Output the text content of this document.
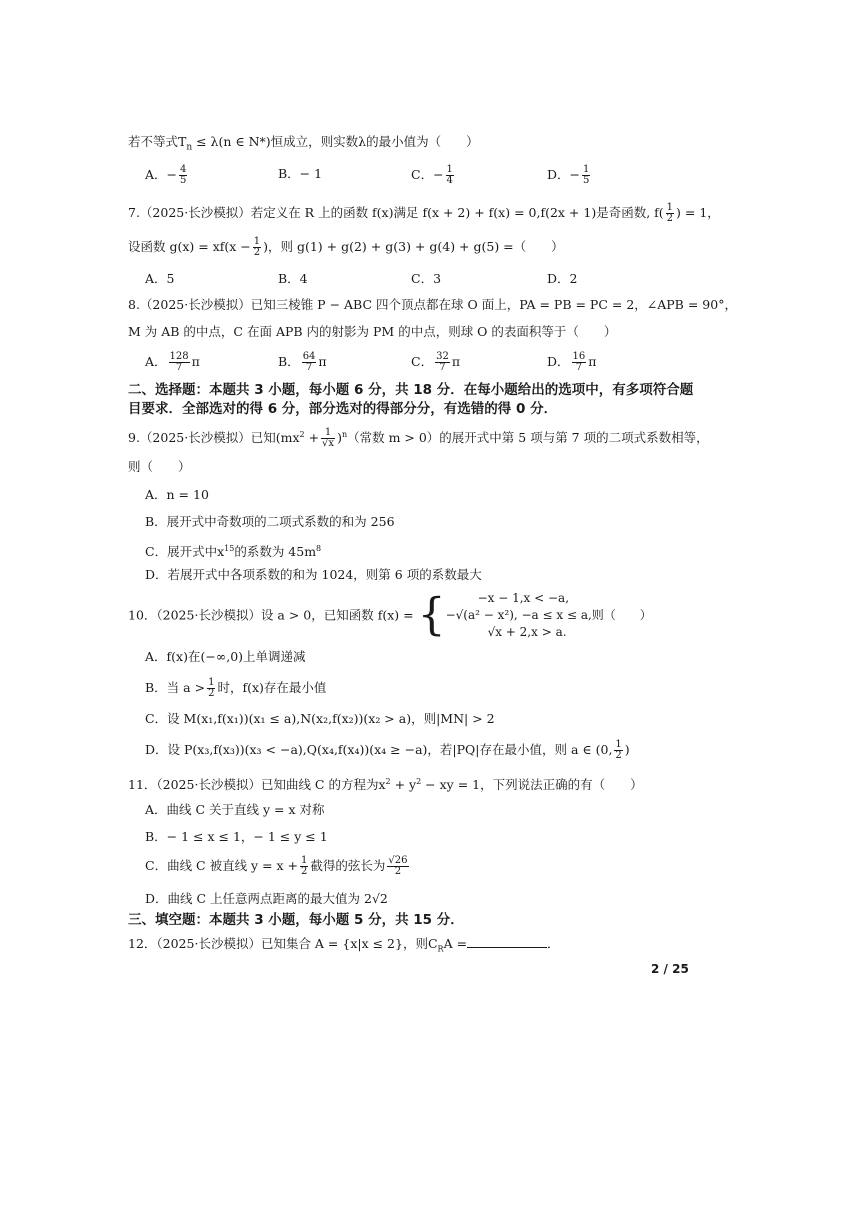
若不等式$T_n \le \lambda(n$ ∈ N*)恒成立，则实数λ的最小值为（　　）
A．− $\frac{4}{5}$	B．− 1	C．− $\frac{1}{4}$	D．− $\frac{1}{5}$
7.（2025·长沙模拟）若定义在 R 上的函数 f(x)满足 f(x + 2) + f(x) = 0,f(2x + 1)是奇函数, $f( \frac{1}{2}$ ) = 1，
设函数 $g(x) = xf(x - \frac{1}{2}$ )，则 g(1) + g(2) + g(3) + g(4) + g(5) =（　　）
A．5	B．4	C．3	D．2
8.（2025·长沙模拟）已知三棱锥 P − ABC 四个顶点都在球 O 面上，PA = PB = PC = 2，∠APB = 90°，
M 为 AB 的中点，C 在面 APB 内的射影为 PM 的中点，则球 O 的表面积等于（　　）
A． $\frac{128}{7}$ π	B． $\frac{64}{7}$ π	C． $\frac{32}{7}$ π	D． $\frac{16}{7}$ π
二、选择题：本题共 3 小题，每小题 6 分，共 18 分．在每小题给出的选项中，有多项符合题
目要求．全部选对的得 6 分，部分选对的得部分分，有选错的得 0 分．
9.（2025·长沙模拟）已知$(mx^2 + \frac{1}{√x} )^n$（常数 m > 0）的展开式中第 5 项与第 7 项的二项式系数相等，
则（　　）
A．n = 10
B．展开式中奇数项的二项式系数的和为 256
C．展开式中$x^{15}$的系数为 $45m^8$
D．若展开式中各项系数的和为 1024，则第 6 项的系数最大
10．（2025·长沙模拟）设 a > 0，已知函数 f(x) = {	−x − 1,x < −a,
−√(a² − x²), −a ≤ x ≤ a,则（　　）
√x + 2,x > a.
A．f(x)在(−∞,0)上单调递减
B．当 $a > \frac{1}{2}$ 时，f(x)存在最小值
C．设 M(x₁,f(x₁))(x₁ ≤ a),N(x₂,f(x₂))(x₂ > a)，则|MN| > 2
D．设 P(x₃,f(x₃))(x₃ < −a),Q(x₄,f(x₄))(x₄ ≥ −a)，若|PQ|存在最小值，则 a ∈ (0, $\frac{1}{2}$ )
11．（2025·长沙模拟）已知曲线 C 的方程为$x^2 + y^2$ − xy = 1，下列说法正确的有（　　）
A．曲线 C 关于直线 y = x 对称
B．− 1 ≤ x ≤ 1，− 1 ≤ y ≤ 1
C．曲线 C 被直线 $y = x + \frac{1}{2}$ 截得的弦长为 $\frac{√26}{2}$
D．曲线 C 上任意两点距离的最大值为 2√2
三、填空题：本题共 3 小题，每小题 5 分，共 15 分．
12．（2025·长沙模拟）已知集合 A = {x|x ≤ 2}，则$C_RA$ =	．
2 / 25
